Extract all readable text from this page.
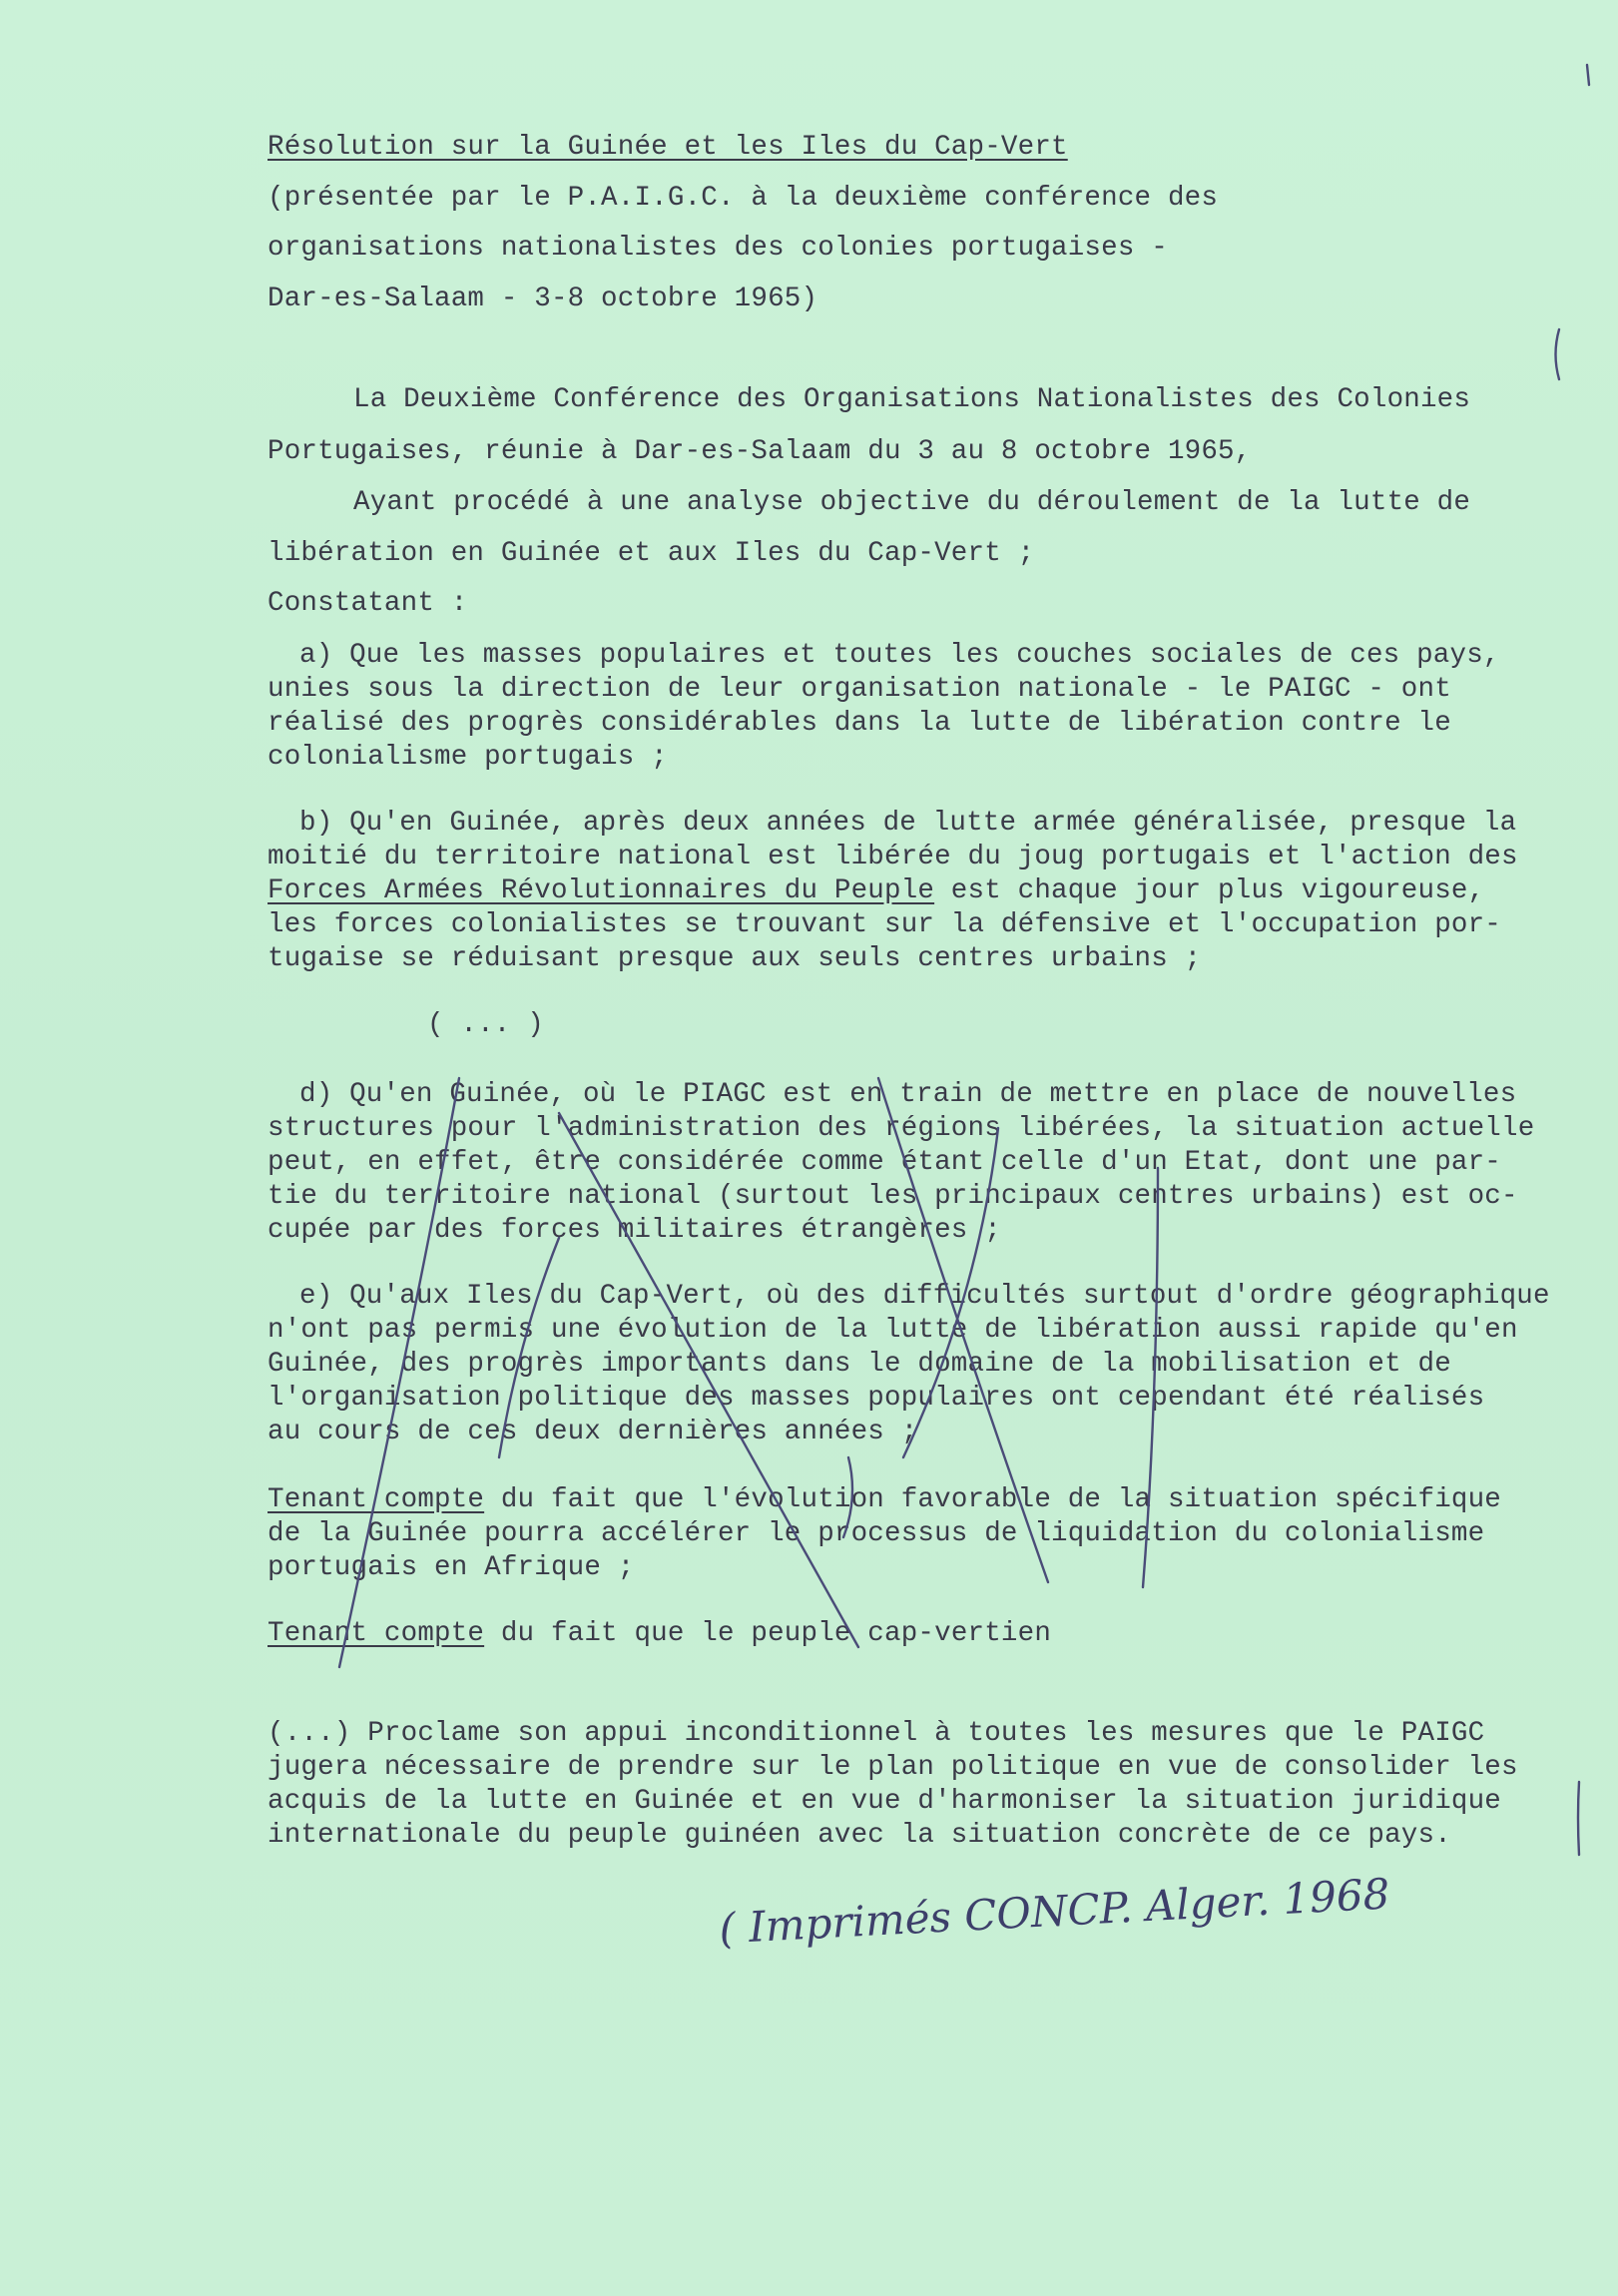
Résolution sur la Guinée et les Iles du Cap-Vert
(présentée par le P.A.I.G.C. à la deuxième conférence des
organisations nationalistes des colonies portugaises -
Dar-es-Salaam - 3-8 octobre 1965)
La Deuxième Conférence des Organisations Nationalistes des Colonies
Portugaises, réunie à Dar-es-Salaam du 3 au 8 octobre 1965,
Ayant procédé à une analyse objective du déroulement de la lutte de
libération en Guinée et aux Iles du Cap-Vert ;
Constatant :
a) Que les masses populaires et toutes les couches sociales de ces pays,
unies sous la direction de leur organisation nationale - le PAIGC - ont
réalisé des progrès considérables dans la lutte de libération contre le
colonialisme portugais ;
b) Qu'en Guinée, après deux années de lutte armée généralisée, presque la
moitié du territoire national est libérée du joug portugais et l'action des
Forces Armées Révolutionnaires du Peuple est chaque jour plus vigoureuse,
les forces colonialistes se trouvant sur la défensive et l'occupation por-
tugaise se réduisant presque aux seuls centres urbains ;
( ... )
d) Qu'en Guinée, où le PIAGC est en train de mettre en place de nouvelles
structures pour l'administration des régions libérées, la situation actuelle
peut, en effet, être considérée comme étant celle d'un Etat, dont une par-
tie du territoire national (surtout les principaux centres urbains) est oc-
cupée par des forces militaires étrangères ;
e) Qu'aux Iles du Cap-Vert, où des difficultés surtout d'ordre géographique
n'ont pas permis une évolution de la lutte de libération aussi rapide qu'en
Guinée, des progrès importants dans le domaine de la mobilisation et de
l'organisation politique des masses populaires ont cependant été réalisés
au cours de ces deux dernières années ;
Tenant compte du fait que l'évolution favorable de la situation spécifique
de la Guinée pourra accélérer le processus de liquidation du colonialisme
portugais en Afrique ;
Tenant compte du fait que le peuple cap-vertien
(...) Proclame son appui inconditionnel à toutes les mesures que le PAIGC
jugera nécessaire de prendre sur le plan politique en vue de consolider les
acquis de la lutte en Guinée et en vue d'harmoniser la situation juridique
internationale du peuple guinéen avec la situation concrète de ce pays.
( Imprimés CONCP. Alger. 1968
